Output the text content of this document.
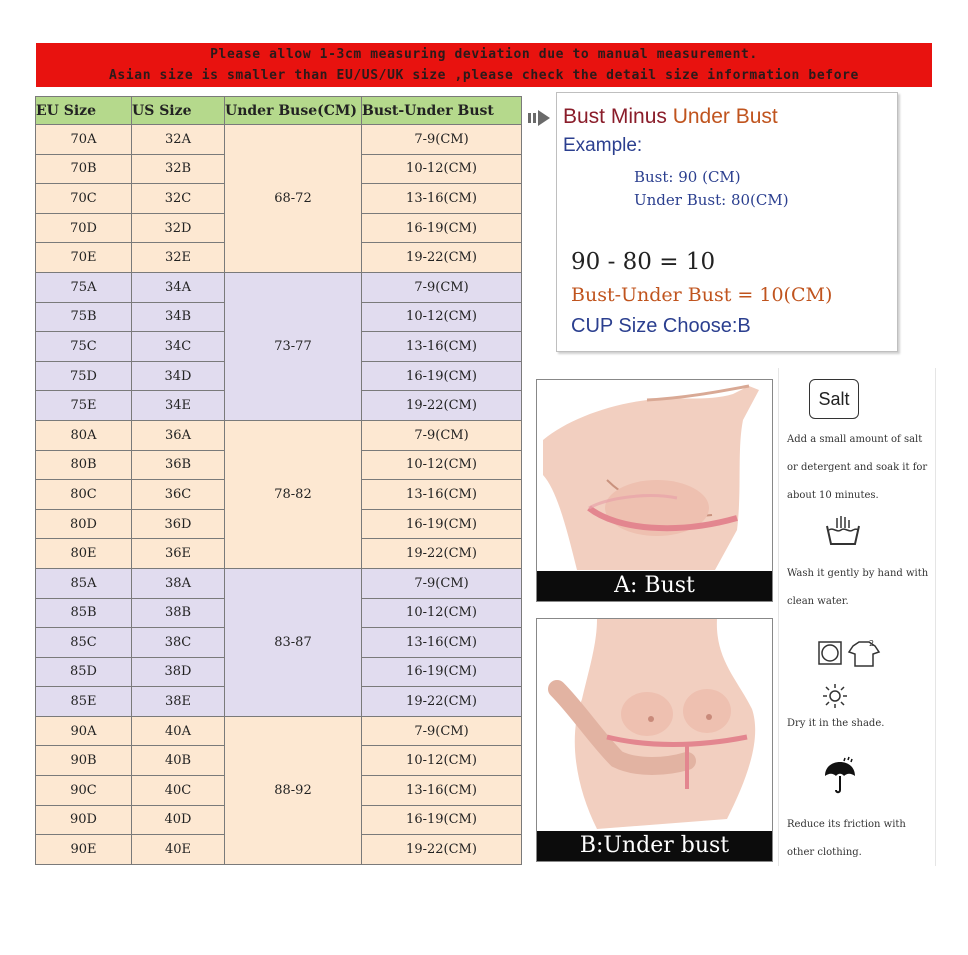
Please allow 1-3cm measuring deviation due to manual measurement.
Asian size is smaller than EU/US/UK size ,please check the detail size information before
EU Size	US Size	Under Buse(CM)	Bust-Under Bust
70A	32A	68-72	7-9(CM)
70B	32B		10-12(CM)
70C	32C		13-16(CM)
70D	32D		16-19(CM)
70E	32E		19-22(CM)
75A	34A	73-77	7-9(CM)
75B	34B		10-12(CM)
75C	34C		13-16(CM)
75D	34D		16-19(CM)
75E	34E		19-22(CM)
80A	36A	78-82	7-9(CM)
80B	36B		10-12(CM)
80C	36C		13-16(CM)
80D	36D		16-19(CM)
80E	36E		19-22(CM)
85A	38A	83-87	7-9(CM)
85B	38B		10-12(CM)
85C	38C		13-16(CM)
85D	38D		16-19(CM)
85E	38E		19-22(CM)
90A	40A	88-92	7-9(CM)
90B	40B		10-12(CM)
90C	40C		13-16(CM)
90D	40D		16-19(CM)
90E	40E		19-22(CM)
Bust Minus Under Bust
Example:
Bust: 90 (CM)
Under Bust: 80(CM)
90 - 80 = 10
Bust-Under Bust = 10(CM)
CUP Size Choose:B
A: Bust
B:Under bust
Salt
Add a small amount of salt or detergent and soak it for about 10 minutes.
Wash it gently by hand with clean water.
2
Dry it in the shade.
Reduce its friction with other clothing.
